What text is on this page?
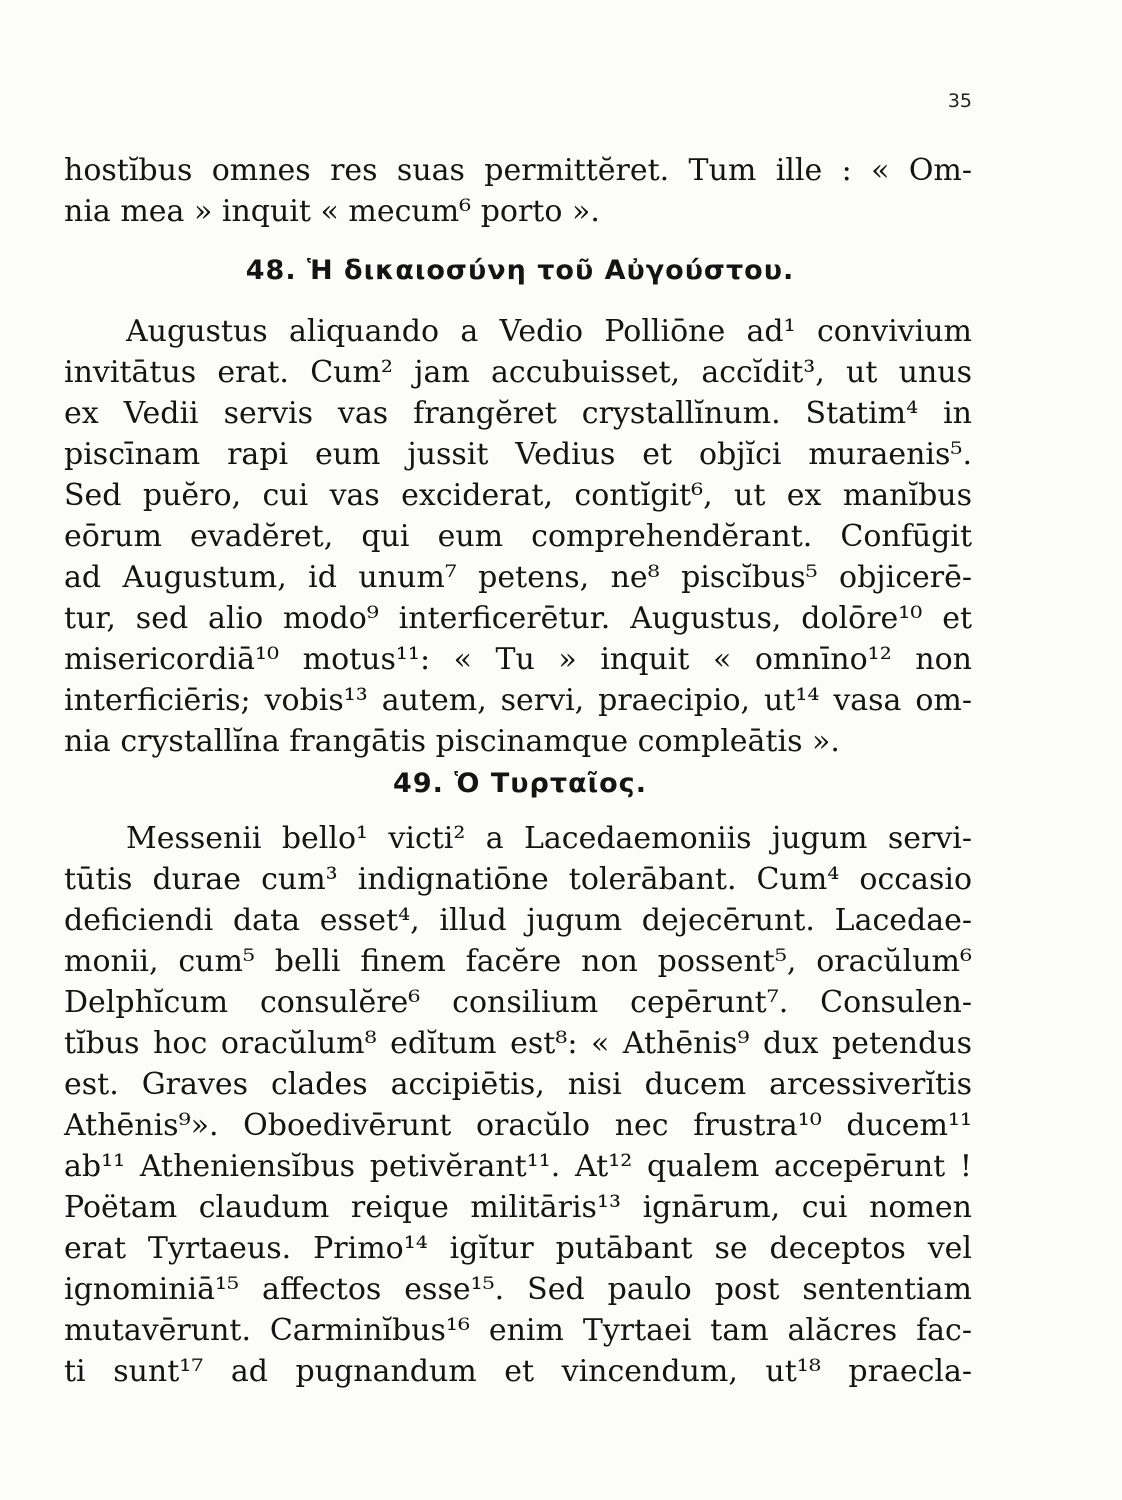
35
hostĭbus omnes res suas permittĕret. Tum ille : « Om-
nia mea » inquit « mecum⁶ porto ».
48. Ἡ δικαιοσύνη τοῦ Αὐγούστου.
Augustus aliquando a Vedio Polliōne ad¹ convivium
invitātus erat. Cum² jam accubuisset, accĭdit³, ut unus
ex Vedii servis vas frangĕret crystallĭnum. Statim⁴ in
piscīnam rapi eum jussit Vedius et objĭci muraenis⁵.
Sed puĕro, cui vas exciderat, contĭgit⁶, ut ex manĭbus
eōrum evadĕret, qui eum comprehendĕrant. Confūgit
ad Augustum, id unum⁷ petens, ne⁸ piscĭbus⁵ objicerē-
tur, sed alio modo⁹ interficerētur. Augustus, dolōre¹⁰ et
misericordiā¹⁰ motus¹¹: « Tu » inquit « omnīno¹² non
interficiēris; vobis¹³ autem, servi, praecipio, ut¹⁴ vasa om-
nia crystallĭna frangātis piscinamque compleātis ».
49. Ὁ Τυρταῖος.
Messenii bello¹ victi² a Lacedaemoniis jugum servi-
tūtis durae cum³ indignatiōne tolerābant. Cum⁴ occasio
deficiendi data esset⁴, illud jugum dejecērunt. Lacedae-
monii, cum⁵ belli finem facĕre non possent⁵, oracŭlum⁶
Delphĭcum consulĕre⁶ consilium cepērunt⁷. Consulen-
tĭbus hoc oracŭlum⁸ edĭtum est⁸: « Athēnis⁹ dux petendus
est. Graves clades accipiētis, nisi ducem arcessiverĭtis
Athēnis⁹». Oboedivērunt oracŭlo nec frustra¹⁰ ducem¹¹
ab¹¹ Atheniensĭbus petivĕrant¹¹. At¹² qualem accepērunt !
Poëtam claudum reique militāris¹³ ignārum, cui nomen
erat Tyrtaeus. Primo¹⁴ igĭtur putābant se deceptos vel
ignominiā¹⁵ affectos esse¹⁵. Sed paulo post sententiam
mutavērunt. Carminĭbus¹⁶ enim Tyrtaei tam alăcres fac-
ti sunt¹⁷ ad pugnandum et vincendum, ut¹⁸ praecla-
